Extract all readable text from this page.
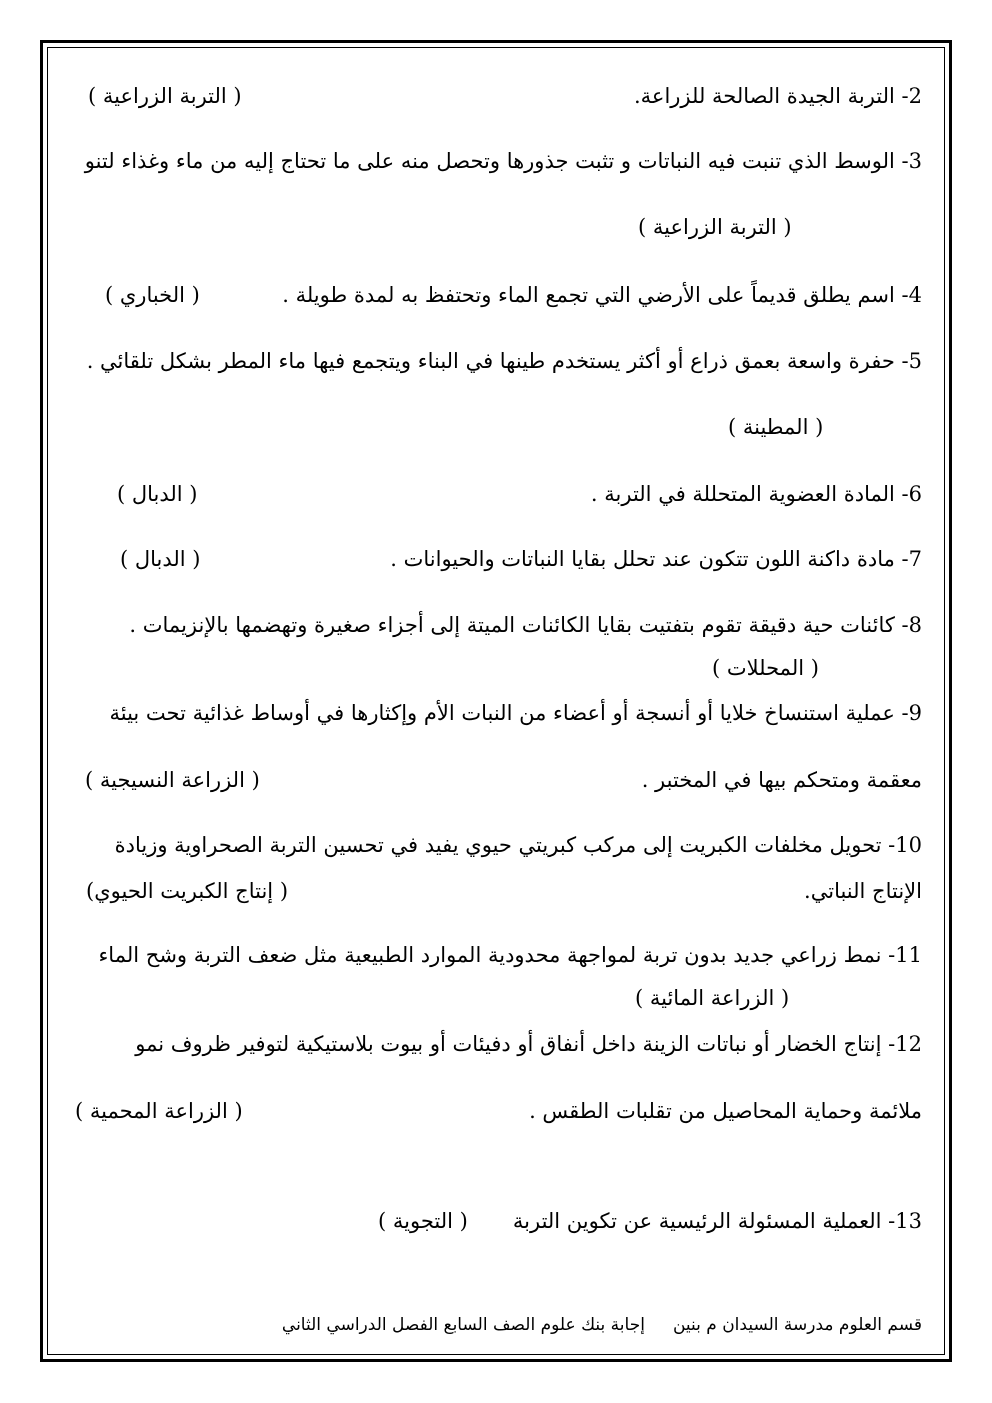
2- التربة الجيدة الصالحة للزراعة.
( التربة الزراعية )
3- الوسط الذي تنبت فيه النباتات و تثبت جذورها وتحصل منه على ما تحتاج إليه من ماء وغذاء لتنو
( التربة الزراعية )
4- اسم يطلق قديماً على الأرضي التي تجمع الماء وتحتفظ به لمدة طويلة .
( الخباري )
5- حفرة واسعة بعمق ذراع أو أكثر يستخدم طينها في البناء ويتجمع فيها ماء المطر بشكل تلقائي .
( المطينة )
6- المادة العضوية المتحللة في التربة .
( الدبال )
7- مادة داكنة اللون تتكون عند تحلل بقايا النباتات والحيوانات .
( الدبال )
8- كائنات حية دقيقة تقوم بتفتيت بقايا الكائنات الميتة إلى أجزاء صغيرة وتهضمها بالإنزيمات .
( المحللات )
9- عملية استنساخ خلايا أو أنسجة أو أعضاء من النبات الأم وإكثارها في أوساط غذائية تحت بيئة
معقمة ومتحكم بيها في المختبر .
( الزراعة النسيجية )
10- تحويل مخلفات الكبريت إلى مركب كبريتي حيوي يفيد في تحسين التربة الصحراوية وزيادة
الإنتاج النباتي.
( إنتاج الكبريت الحيوي)
11- نمط زراعي جديد بدون تربة لمواجهة محدودية الموارد الطبيعية مثل ضعف التربة وشح الماء
( الزراعة المائية )
12- إنتاج الخضار أو نباتات الزينة داخل أنفاق أو دفيئات أو بيوت بلاستيكية لتوفير ظروف نمو
ملائمة وحماية المحاصيل من تقلبات الطقس .
( الزراعة المحمية )
13- العملية المسئولة الرئيسية عن تكوين التربة
( التجوية )
قسم العلوم مدرسة السيدان م بنينإجابة بنك علوم الصف السابع الفصل الدراسي الثاني
